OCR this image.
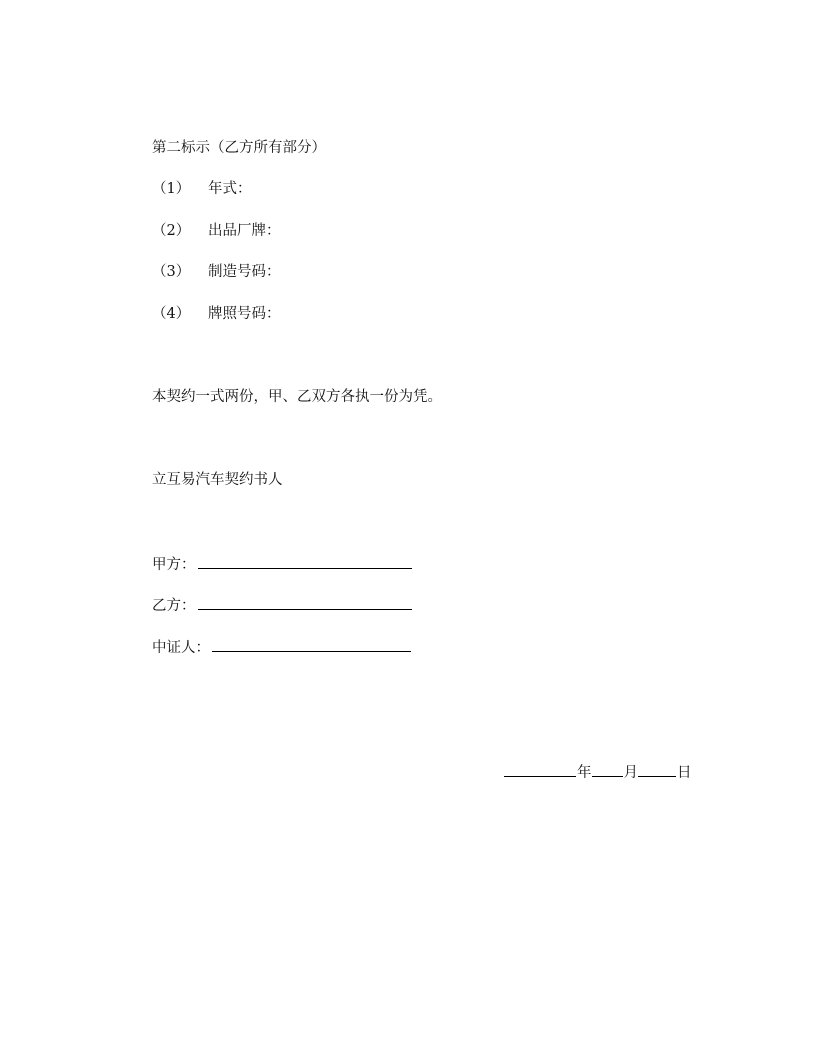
第二标示（乙方所有部分）
（1） 年式：
（2） 出品厂牌：
（3） 制造号码：
（4） 牌照号码：
本契约一式两份，甲、乙双方各执一份为凭。
立互易汽车契约书人
甲方：
乙方：
中证人：
年 月	日
